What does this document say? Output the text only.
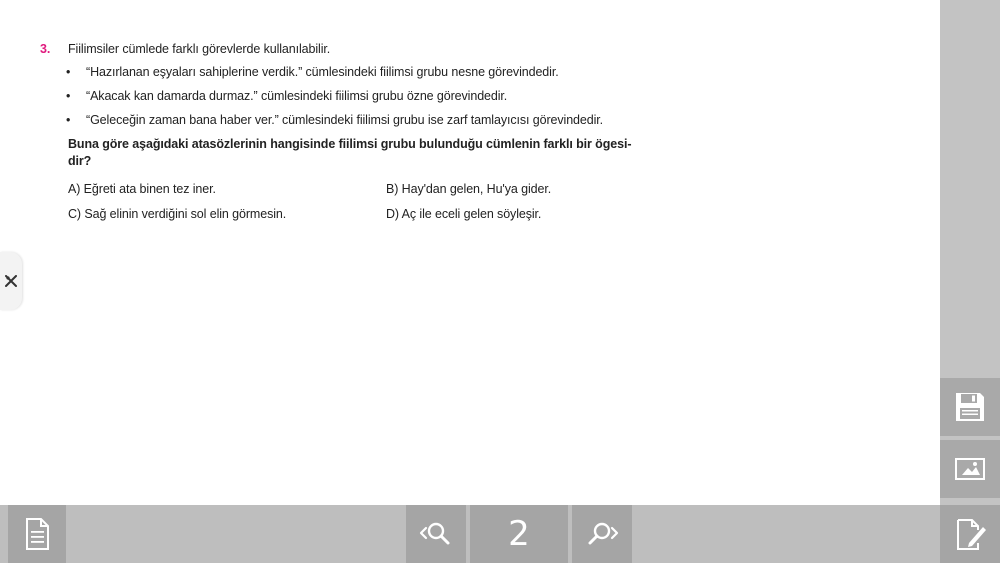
3.	Fiilimsiler cümlede farklı görevlerde kullanılabilir.
• “Hazırlanan eşyaları sahiplerine verdik.” cümlesindeki fiilimsi grubu nesne görevindedir.
• “Akacak kan damarda durmaz.” cümlesindeki fiilimsi grubu özne görevindedir.
• “Geleceğin zaman bana haber ver.” cümlesindeki fiilimsi grubu ise zarf tamlayıcısı görevindedir.
Buna göre aşağıdaki atasözlerinin hangisinde fiilimsi grubu bulunduğu cümlenin farklı bir ögesi-
dir?
A) Eğreti ata binen tez iner.	B) Hay'dan gelen, Hu'ya gider.
C) Sağ elinin verdiğini sol elin görmesin.	D) Aç ile eceli gelen söyleşir.
2
